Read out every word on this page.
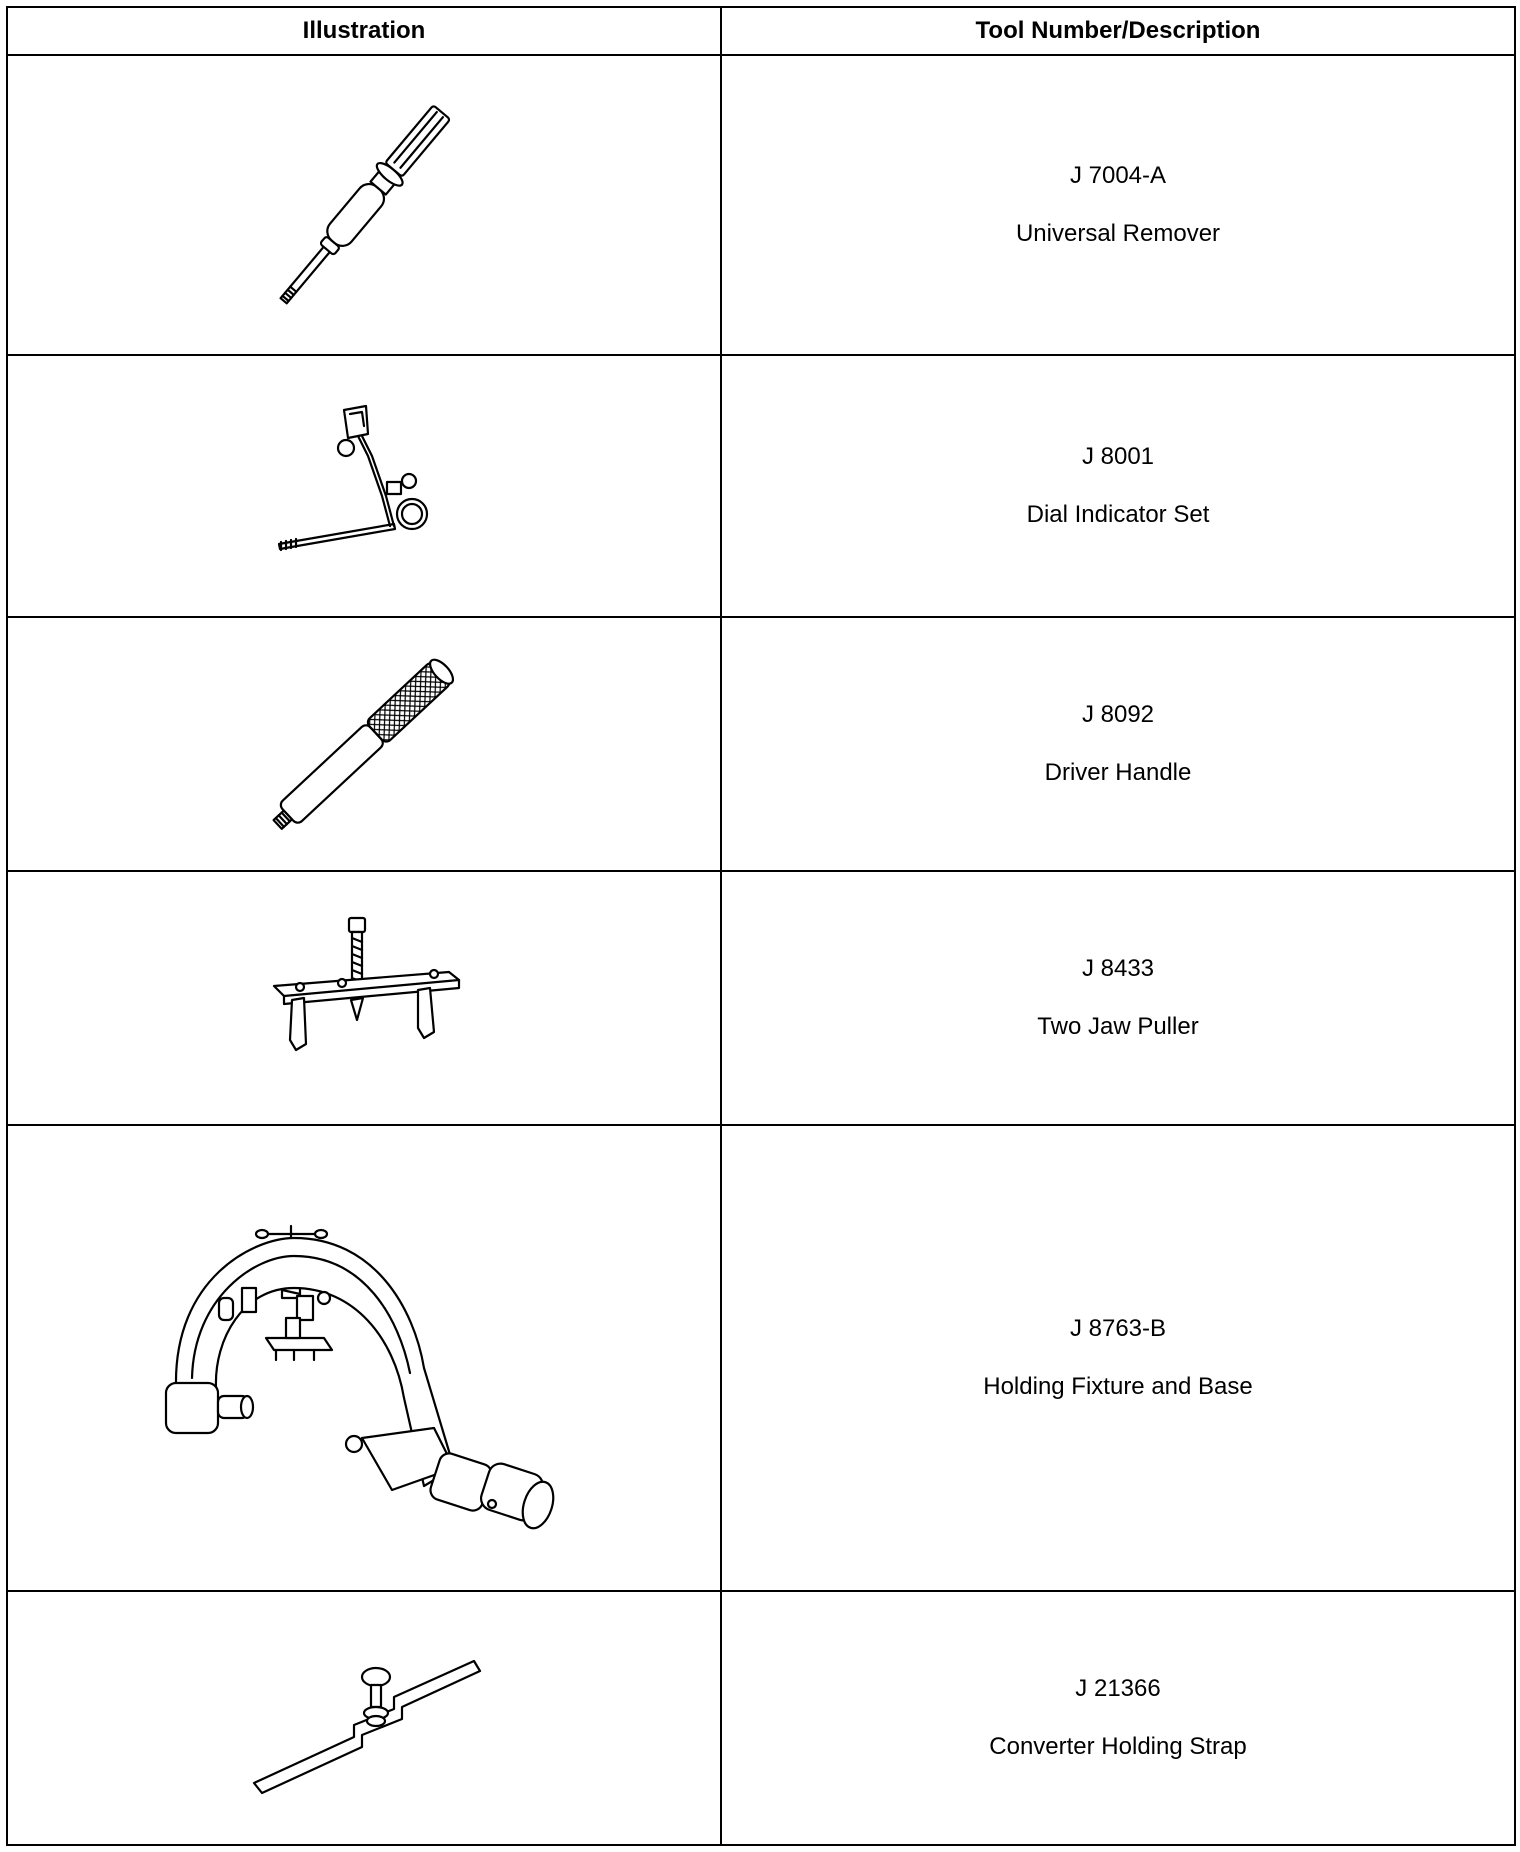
Illustration	Tool Number/Description

J 7004-A
Universal Remover

J 8001
Dial Indicator Set

J 8092
Driver Handle

J 8433
Two Jaw Puller

J 8763-B
Holding Fixture and Base

J 21366
Converter Holding Strap
